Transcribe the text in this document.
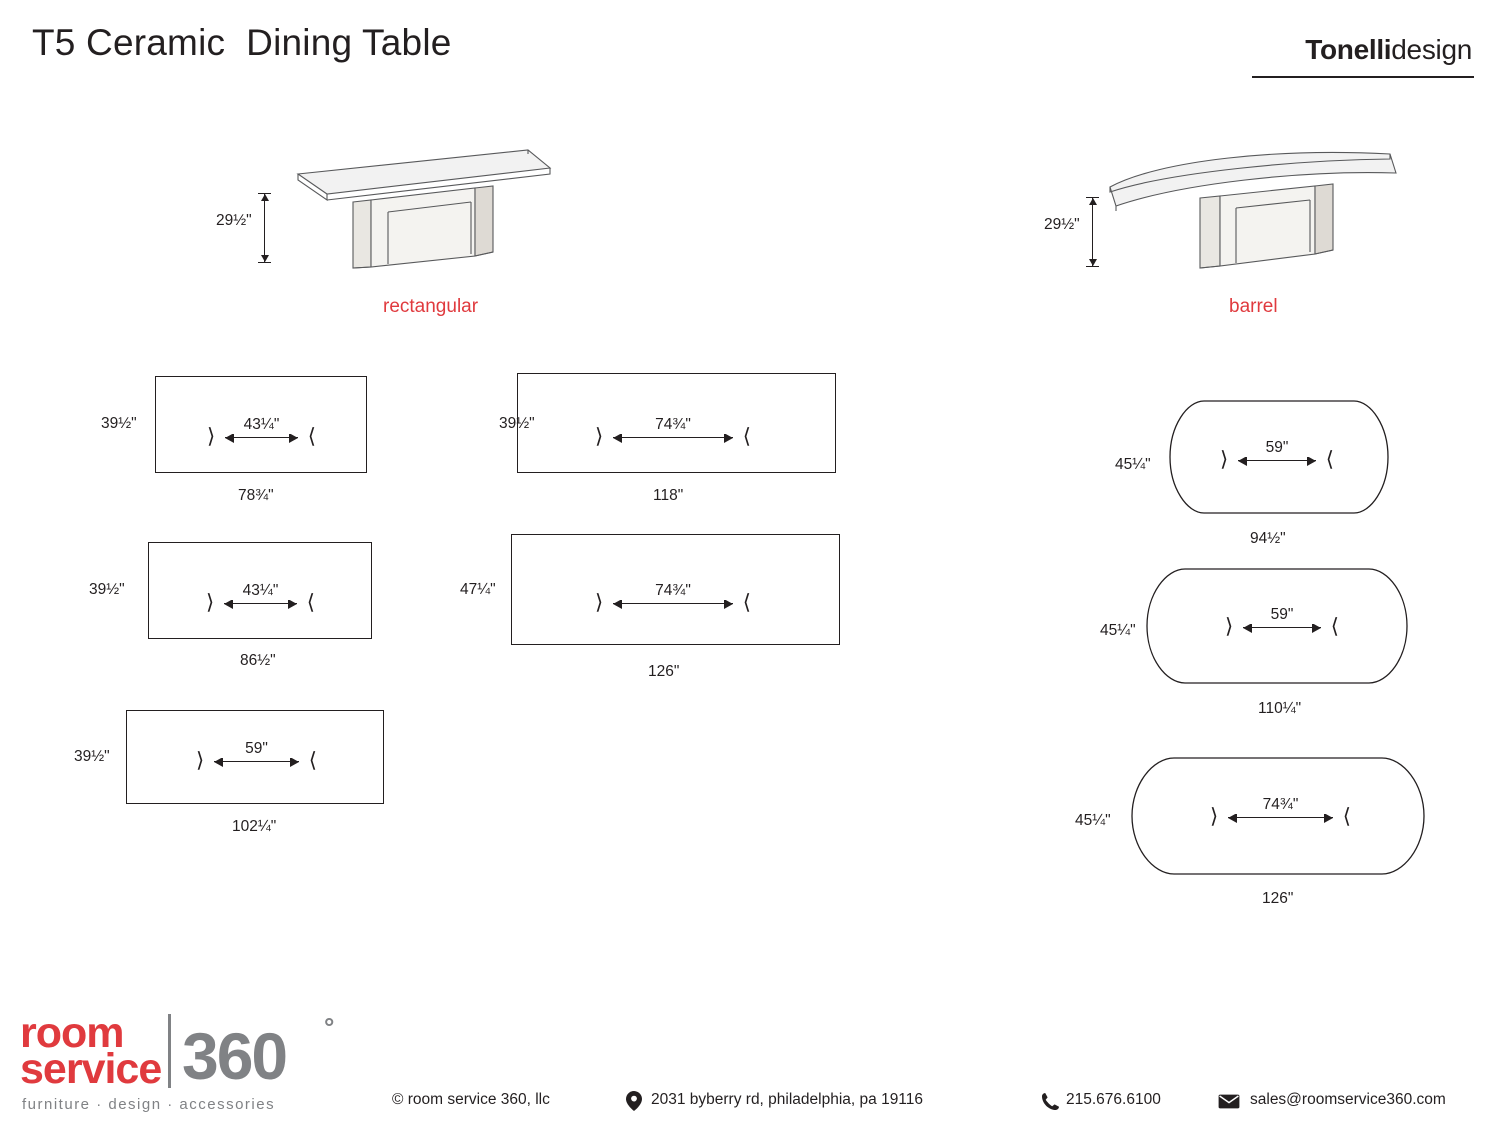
T5 Ceramic  Dining Table	Tonellidesign
29½"
rectangular
29½"
barrel
39½"
⟩	⟨
43¼"
78¾"
39½"
⟩	⟨
74¾"
118"
39½"
⟩	⟨
43¼"
86½"
47¼"
⟩	⟨
74¾"
126"
39½"	⟩	⟨
59"
102¼"
45¼"	⟩	⟨
59"
94½"
45¼"	⟩	⟨
59"
110¼"
45¼"	⟩	⟨
74¾"
126"
room
service 360 °
furniture · design · accessories	© room service 360, llc	2031 byberry rd, philadelphia, pa 19116	215.676.6100	sales@roomservice360.com
